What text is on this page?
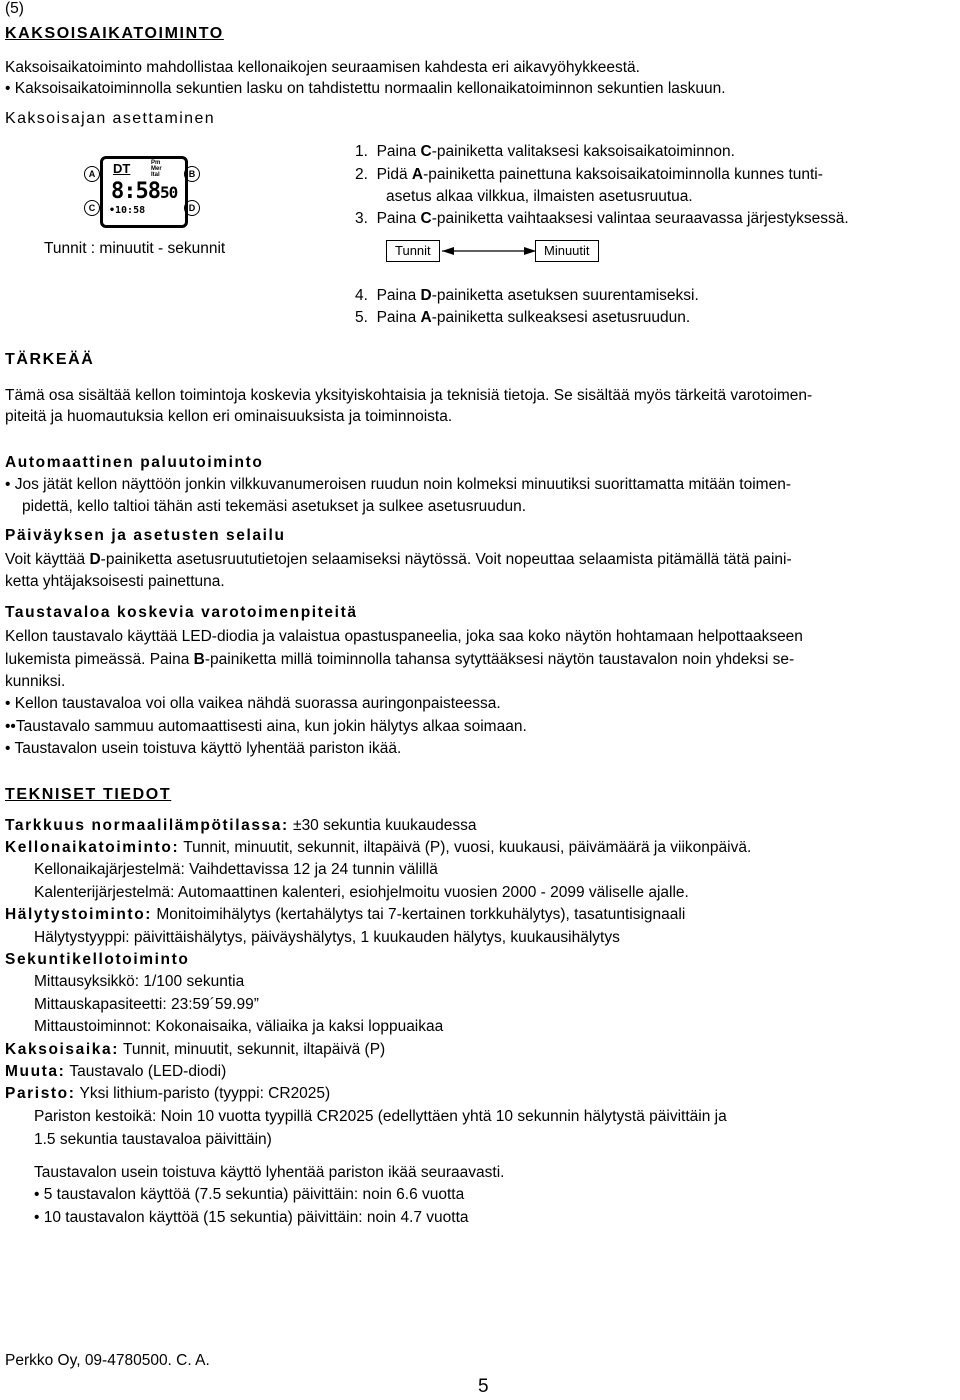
(5)
KAKSOISAIKATOIMINTO
Kaksoisaikatoiminto mahdollistaa kellonaikojen seuraamisen kahdesta eri aikavyöhykkeestä.
• Kaksoisaikatoiminnolla sekuntien lasku on tahdistettu normaalin kellonaikatoiminnon sekuntien laskuun.
Kaksoisajan asettaminen
A
C
B
D
DT	Pm
Mer
Ital
8:5850
•10:58
Tunnit : minuutit - sekunnit
1. Paina C-painiketta valitaksesi kaksoisaikatoiminnon.
2. Pidä A-painiketta painettuna kaksoisaikatoiminnolla kunnes tunti-
asetus alkaa vilkkua, ilmaisten asetusruutua.
3. Paina C-painiketta vaihtaaksesi valintaa seuraavassa järjestyksessä.
Tunnit	Minuutit
4. Paina D-painiketta asetuksen suurentamiseksi.
5. Paina A-painiketta sulkeaksesi asetusruudun.
TÄRKEÄÄ
Tämä osa sisältää kellon toimintoja koskevia yksityiskohtaisia ja teknisiä tietoja. Se sisältää myös tärkeitä varotoimen-
piteitä ja huomautuksia kellon eri ominaisuuksista ja toiminnoista.
Automaattinen paluutoiminto
• Jos jätät kellon näyttöön jonkin vilkkuvanumeroisen ruudun noin kolmeksi minuutiksi suorittamatta mitään toimen-
pidettä, kello taltioi tähän asti tekemäsi asetukset ja sulkee asetusruudun.
Päiväyksen ja asetusten selailu
Voit käyttää D-painiketta asetusruututietojen selaamiseksi näytössä. Voit nopeuttaa selaamista pitämällä tätä paini-
ketta yhtäjaksoisesti painettuna.
Taustavaloa koskevia varotoimenpiteitä
Kellon taustavalo käyttää LED-diodia ja valaistua opastuspaneelia, joka saa koko näytön hohtamaan helpottaakseen
lukemista pimeässä. Paina B-painiketta millä toiminnolla tahansa sytyttääksesi näytön taustavalon noin yhdeksi se-
kunniksi.
• Kellon taustavaloa voi olla vaikea nähdä suorassa auringonpaisteessa.
••Taustavalo sammuu automaattisesti aina, kun jokin hälytys alkaa soimaan.
• Taustavalon usein toistuva käyttö lyhentää pariston ikää.
TEKNISET TIEDOT
Tarkkuus normaalilämpötilassa: ±30 sekuntia kuukaudessa
Kellonaikatoiminto: Tunnit, minuutit, sekunnit, iltapäivä (P), vuosi, kuukausi, päivämäärä ja viikonpäivä.
Kellonaikajärjestelmä: Vaihdettavissa 12 ja 24 tunnin välillä
Kalenterijärjestelmä: Automaattinen kalenteri, esiohjelmoitu vuosien 2000 - 2099 väliselle ajalle.
Hälytystoiminto: Monitoimihälytys (kertahälytys tai 7-kertainen torkkuhälytys), tasatuntisignaali
Hälytystyyppi: päivittäishälytys, päiväyshälytys, 1 kuukauden hälytys, kuukausihälytys
Sekuntikellotoiminto
Mittausyksikkö: 1/100 sekuntia
Mittauskapasiteetti: 23:59´59.99”
Mittaustoiminnot: Kokonaisaika, väliaika ja kaksi loppuaikaa
Kaksoisaika: Tunnit, minuutit, sekunnit, iltapäivä (P)
Muuta: Taustavalo (LED-diodi)
Paristo: Yksi lithium-paristo (tyyppi: CR2025)
Pariston kestoikä: Noin 10 vuotta tyypillä CR2025 (edellyttäen yhtä 10 sekunnin hälytystä päivittäin ja
1.5 sekuntia taustavaloa päivittäin)
Taustavalon usein toistuva käyttö lyhentää pariston ikää seuraavasti.
• 5 taustavalon käyttöä (7.5 sekuntia) päivittäin: noin 6.6 vuotta
• 10 taustavalon käyttöä (15 sekuntia) päivittäin: noin 4.7 vuotta
Perkko Oy, 09-4780500. C. A.
5
